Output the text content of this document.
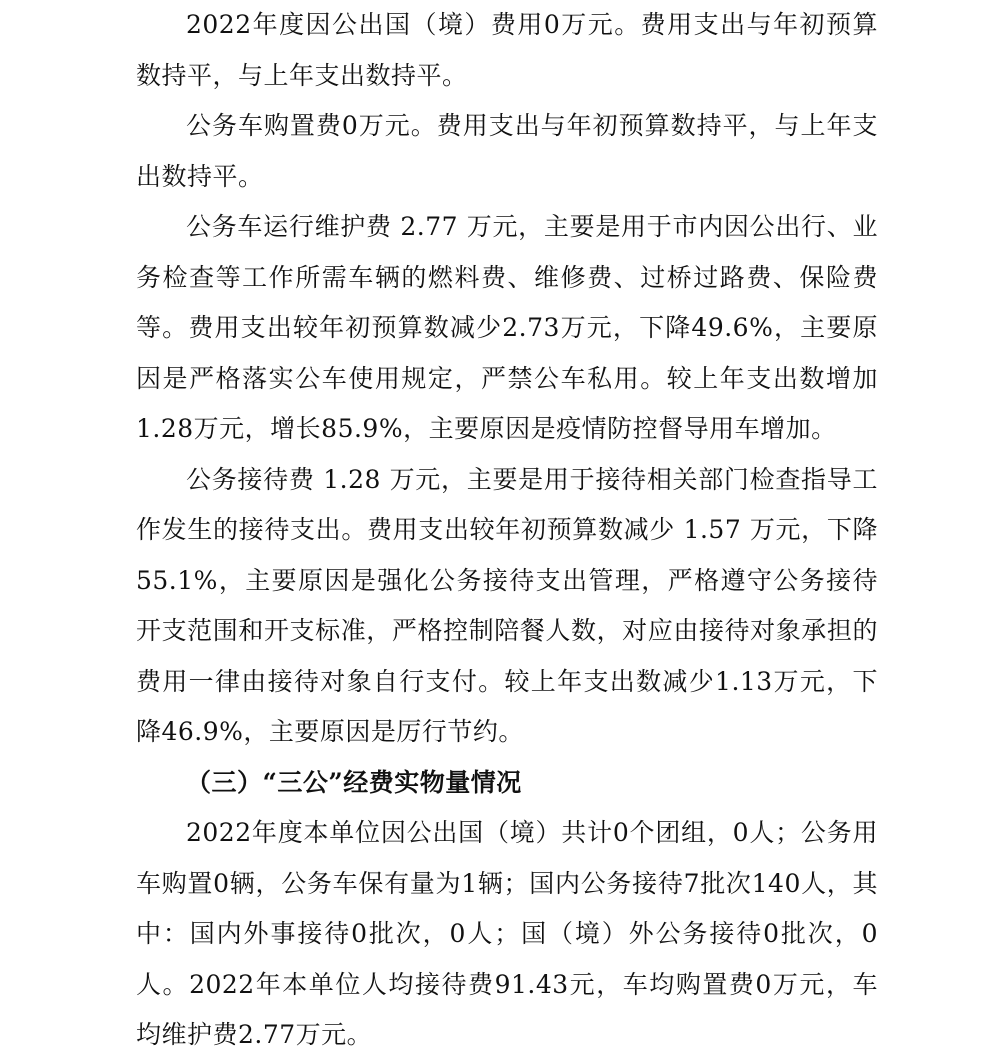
2022年度因公出国（境）费用0万元。费用支出与年初预算数持平，与上年支出数持平。

公务车购置费0万元。费用支出与年初预算数持平，与上年支出数持平。

公务车运行维护费 2.77 万元，主要是用于市内因公出行、业务检查等工作所需车辆的燃料费、维修费、过桥过路费、保险费等。费用支出较年初预算数减少2.73万元，下降49.6%，主要原因是严格落实公车使用规定，严禁公车私用。较上年支出数增加1.28万元，增长85.9%，主要原因是疫情防控督导用车增加。

公务接待费 1.28 万元，主要是用于接待相关部门检查指导工作发生的接待支出。费用支出较年初预算数减少 1.57 万元，下降 55.1%，主要原因是强化公务接待支出管理，严格遵守公务接待开支范围和开支标准，严格控制陪餐人数，对应由接待对象承担的费用一律由接待对象自行支付。较上年支出数减少1.13万元，下降46.9%，主要原因是厉行节约。

（三）“三公”经费实物量情况

2022年度本单位因公出国（境）共计0个团组，0人；公务用车购置0辆，公务车保有量为1辆；国内公务接待7批次140人，其中：国内外事接待0批次，0人；国（境）外公务接待0批次，0人。2022年本单位人均接待费91.43元，车均购置费0万元，车均维护费2.77万元。
